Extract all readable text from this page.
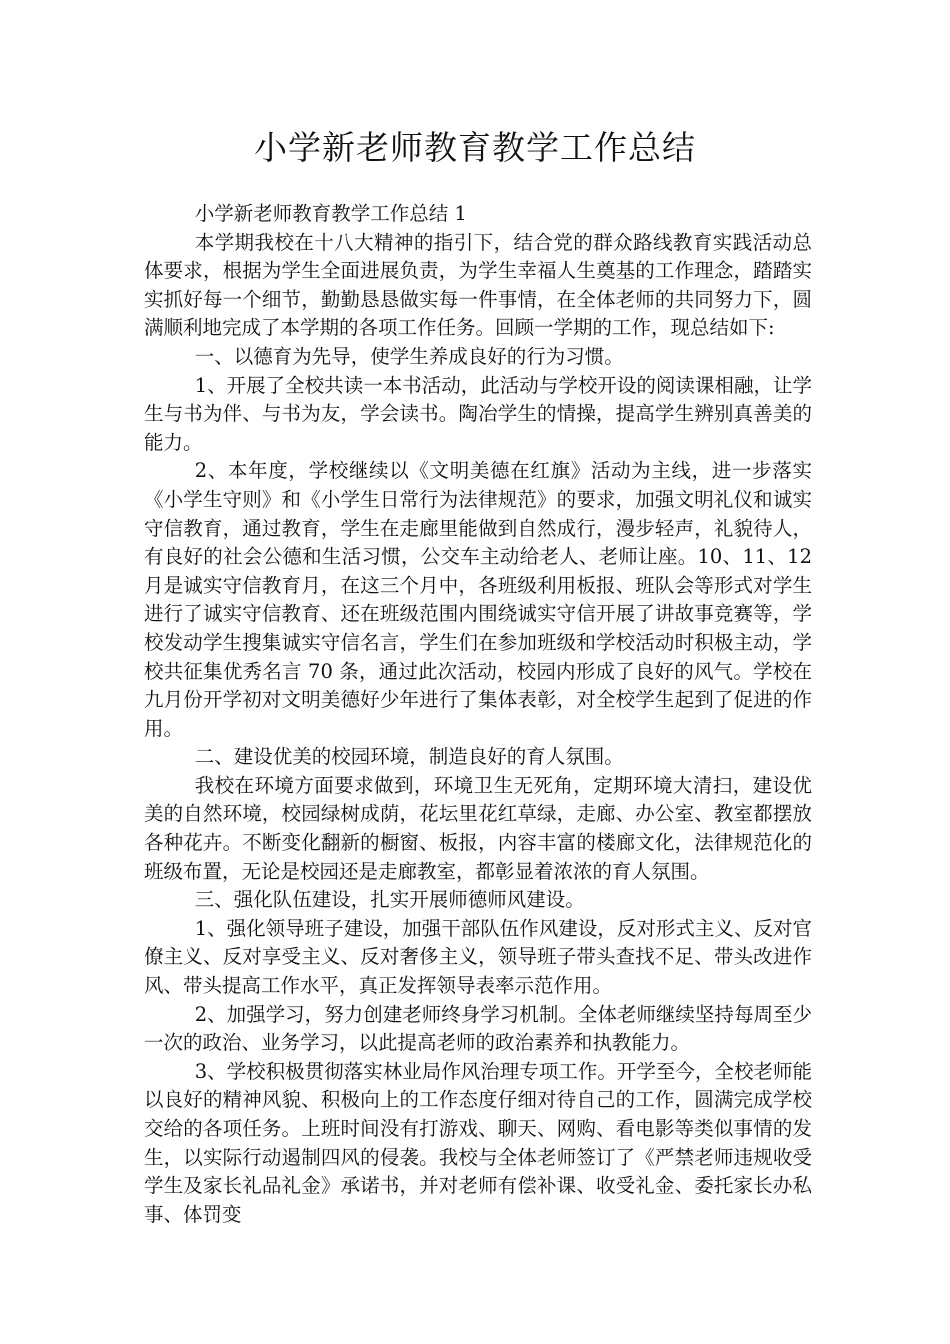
小学新老师教育教学工作总结

小学新老师教育教学工作总结 1

本学期我校在十八大精神的指引下，结合党的群众路线教育实践活动总体要求，根据为学生全面进展负责，为学生幸福人生奠基的工作理念，踏踏实实抓好每一个细节，勤勤恳恳做实每一件事情，在全体老师的共同努力下，圆满顺利地完成了本学期的各项工作任务。回顾一学期的工作，现总结如下:

一、以德育为先导，使学生养成良好的行为习惯。

1、开展了全校共读一本书活动，此活动与学校开设的阅读课相融，让学生与书为伴、与书为友，学会读书。陶冶学生的情操，提高学生辨别真善美的能力。

2、本年度，学校继续以《文明美德在红旗》活动为主线，进一步落实《小学生守则》和《小学生日常行为法律规范》的要求，加强文明礼仪和诚实守信教育，通过教育，学生在走廊里能做到自然成行，漫步轻声，礼貌待人，有良好的社会公德和生活习惯，公交车主动给老人、老师让座。10、11、12 月是诚实守信教育月，在这三个月中，各班级利用板报、班队会等形式对学生进行了诚实守信教育、还在班级范围内围绕诚实守信开展了讲故事竞赛等，学校发动学生搜集诚实守信名言，学生们在参加班级和学校活动时积极主动，学校共征集优秀名言 70 条，通过此次活动，校园内形成了良好的风气。学校在九月份开学初对文明美德好少年进行了集体表彰，对全校学生起到了促进的作用。

二、建设优美的校园环境，制造良好的育人氛围。

我校在环境方面要求做到，环境卫生无死角，定期环境大清扫，建设优美的自然环境，校园绿树成荫，花坛里花红草绿，走廊、办公室、教室都摆放各种花卉。不断变化翻新的橱窗、板报，内容丰富的楼廊文化，法律规范化的班级布置，无论是校园还是走廊教室，都彰显着浓浓的育人氛围。

三、强化队伍建设，扎实开展师德师风建设。

1、强化领导班子建设，加强干部队伍作风建设，反对形式主义、反对官僚主义、反对享受主义、反对奢侈主义，领导班子带头查找不足、带头改进作风、带头提高工作水平，真正发挥领导表率示范作用。

2、加强学习，努力创建老师终身学习机制。全体老师继续坚持每周至少一次的政治、业务学习，以此提高老师的政治素养和执教能力。

3、学校积极贯彻落实林业局作风治理专项工作。开学至今，全校老师能以良好的精神风貌、积极向上的工作态度仔细对待自己的工作，圆满完成学校交给的各项任务。上班时间没有打游戏、聊天、网购、看电影等类似事情的发生，以实际行动遏制四风的侵袭。我校与全体老师签订了《严禁老师违规收受学生及家长礼品礼金》承诺书，并对老师有偿补课、收受礼金、委托家长办私事、体罚变
